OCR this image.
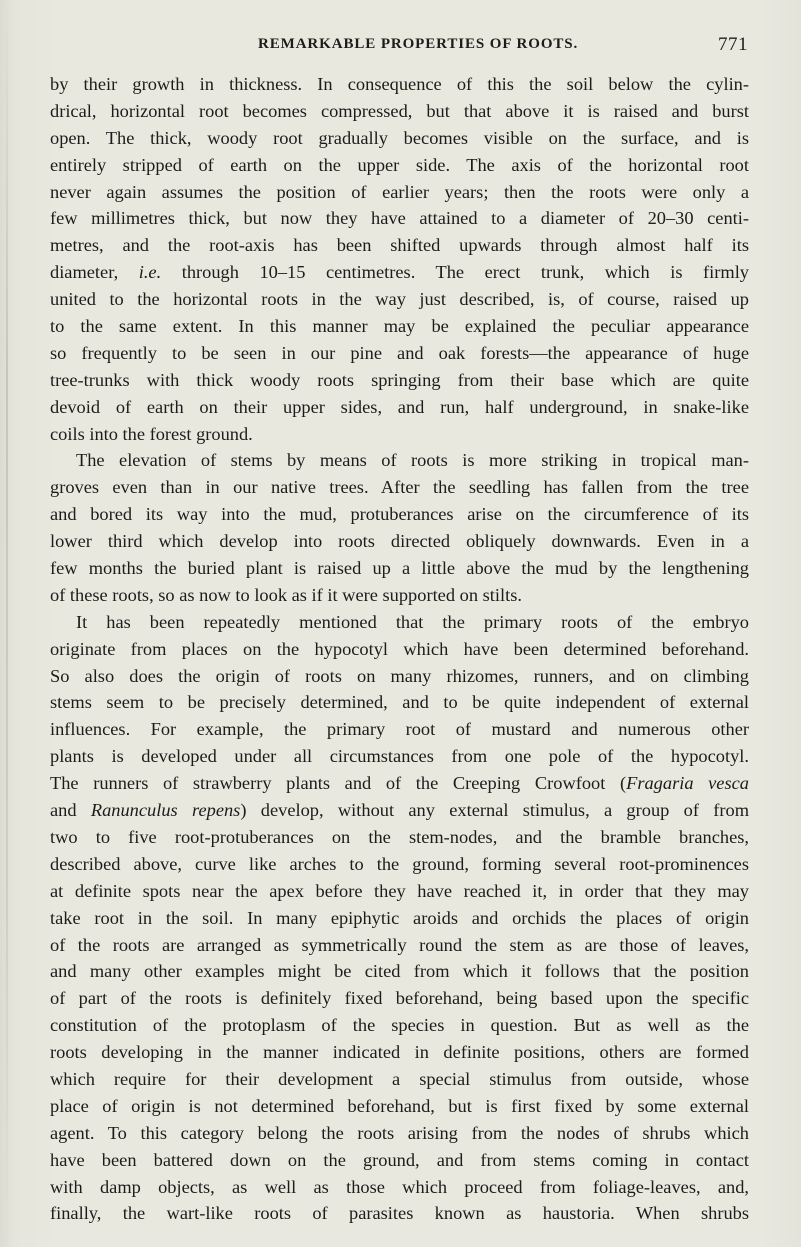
REMARKABLE PROPERTIES OF ROOTS.	771
by their growth in thickness. In consequence of this the soil below the cylin-
drical, horizontal root becomes compressed, but that above it is raised and burst
open. The thick, woody root gradually becomes visible on the surface, and is
entirely stripped of earth on the upper side. The axis of the horizontal root
never again assumes the position of earlier years; then the roots were only a
few millimetres thick, but now they have attained to a diameter of 20–30 centi-
metres, and the root-axis has been shifted upwards through almost half its
diameter, i.e. through 10–15 centimetres. The erect trunk, which is firmly
united to the horizontal roots in the way just described, is, of course, raised up
to the same extent. In this manner may be explained the peculiar appearance
so frequently to be seen in our pine and oak forests—the appearance of huge
tree-trunks with thick woody roots springing from their base which are quite
devoid of earth on their upper sides, and run, half underground, in snake-like
coils into the forest ground.
The elevation of stems by means of roots is more striking in tropical man-
groves even than in our native trees. After the seedling has fallen from the tree
and bored its way into the mud, protuberances arise on the circumference of its
lower third which develop into roots directed obliquely downwards. Even in a
few months the buried plant is raised up a little above the mud by the lengthening
of these roots, so as now to look as if it were supported on stilts.
It has been repeatedly mentioned that the primary roots of the embryo
originate from places on the hypocotyl which have been determined beforehand.
So also does the origin of roots on many rhizomes, runners, and on climbing
stems seem to be precisely determined, and to be quite independent of external
influences. For example, the primary root of mustard and numerous other
plants is developed under all circumstances from one pole of the hypocotyl.
The runners of strawberry plants and of the Creeping Crowfoot (Fragaria vesca
and Ranunculus repens) develop, without any external stimulus, a group of from
two to five root-protuberances on the stem-nodes, and the bramble branches,
described above, curve like arches to the ground, forming several root-prominences
at definite spots near the apex before they have reached it, in order that they may
take root in the soil. In many epiphytic aroids and orchids the places of origin
of the roots are arranged as symmetrically round the stem as are those of leaves,
and many other examples might be cited from which it follows that the position
of part of the roots is definitely fixed beforehand, being based upon the specific
constitution of the protoplasm of the species in question. But as well as the
roots developing in the manner indicated in definite positions, others are formed
which require for their development a special stimulus from outside, whose
place of origin is not determined beforehand, but is first fixed by some external
agent. To this category belong the roots arising from the nodes of shrubs which
have been battered down on the ground, and from stems coming in contact
with damp objects, as well as those which proceed from foliage-leaves, and,
finally, the wart-like roots of parasites known as haustoria. When shrubs
